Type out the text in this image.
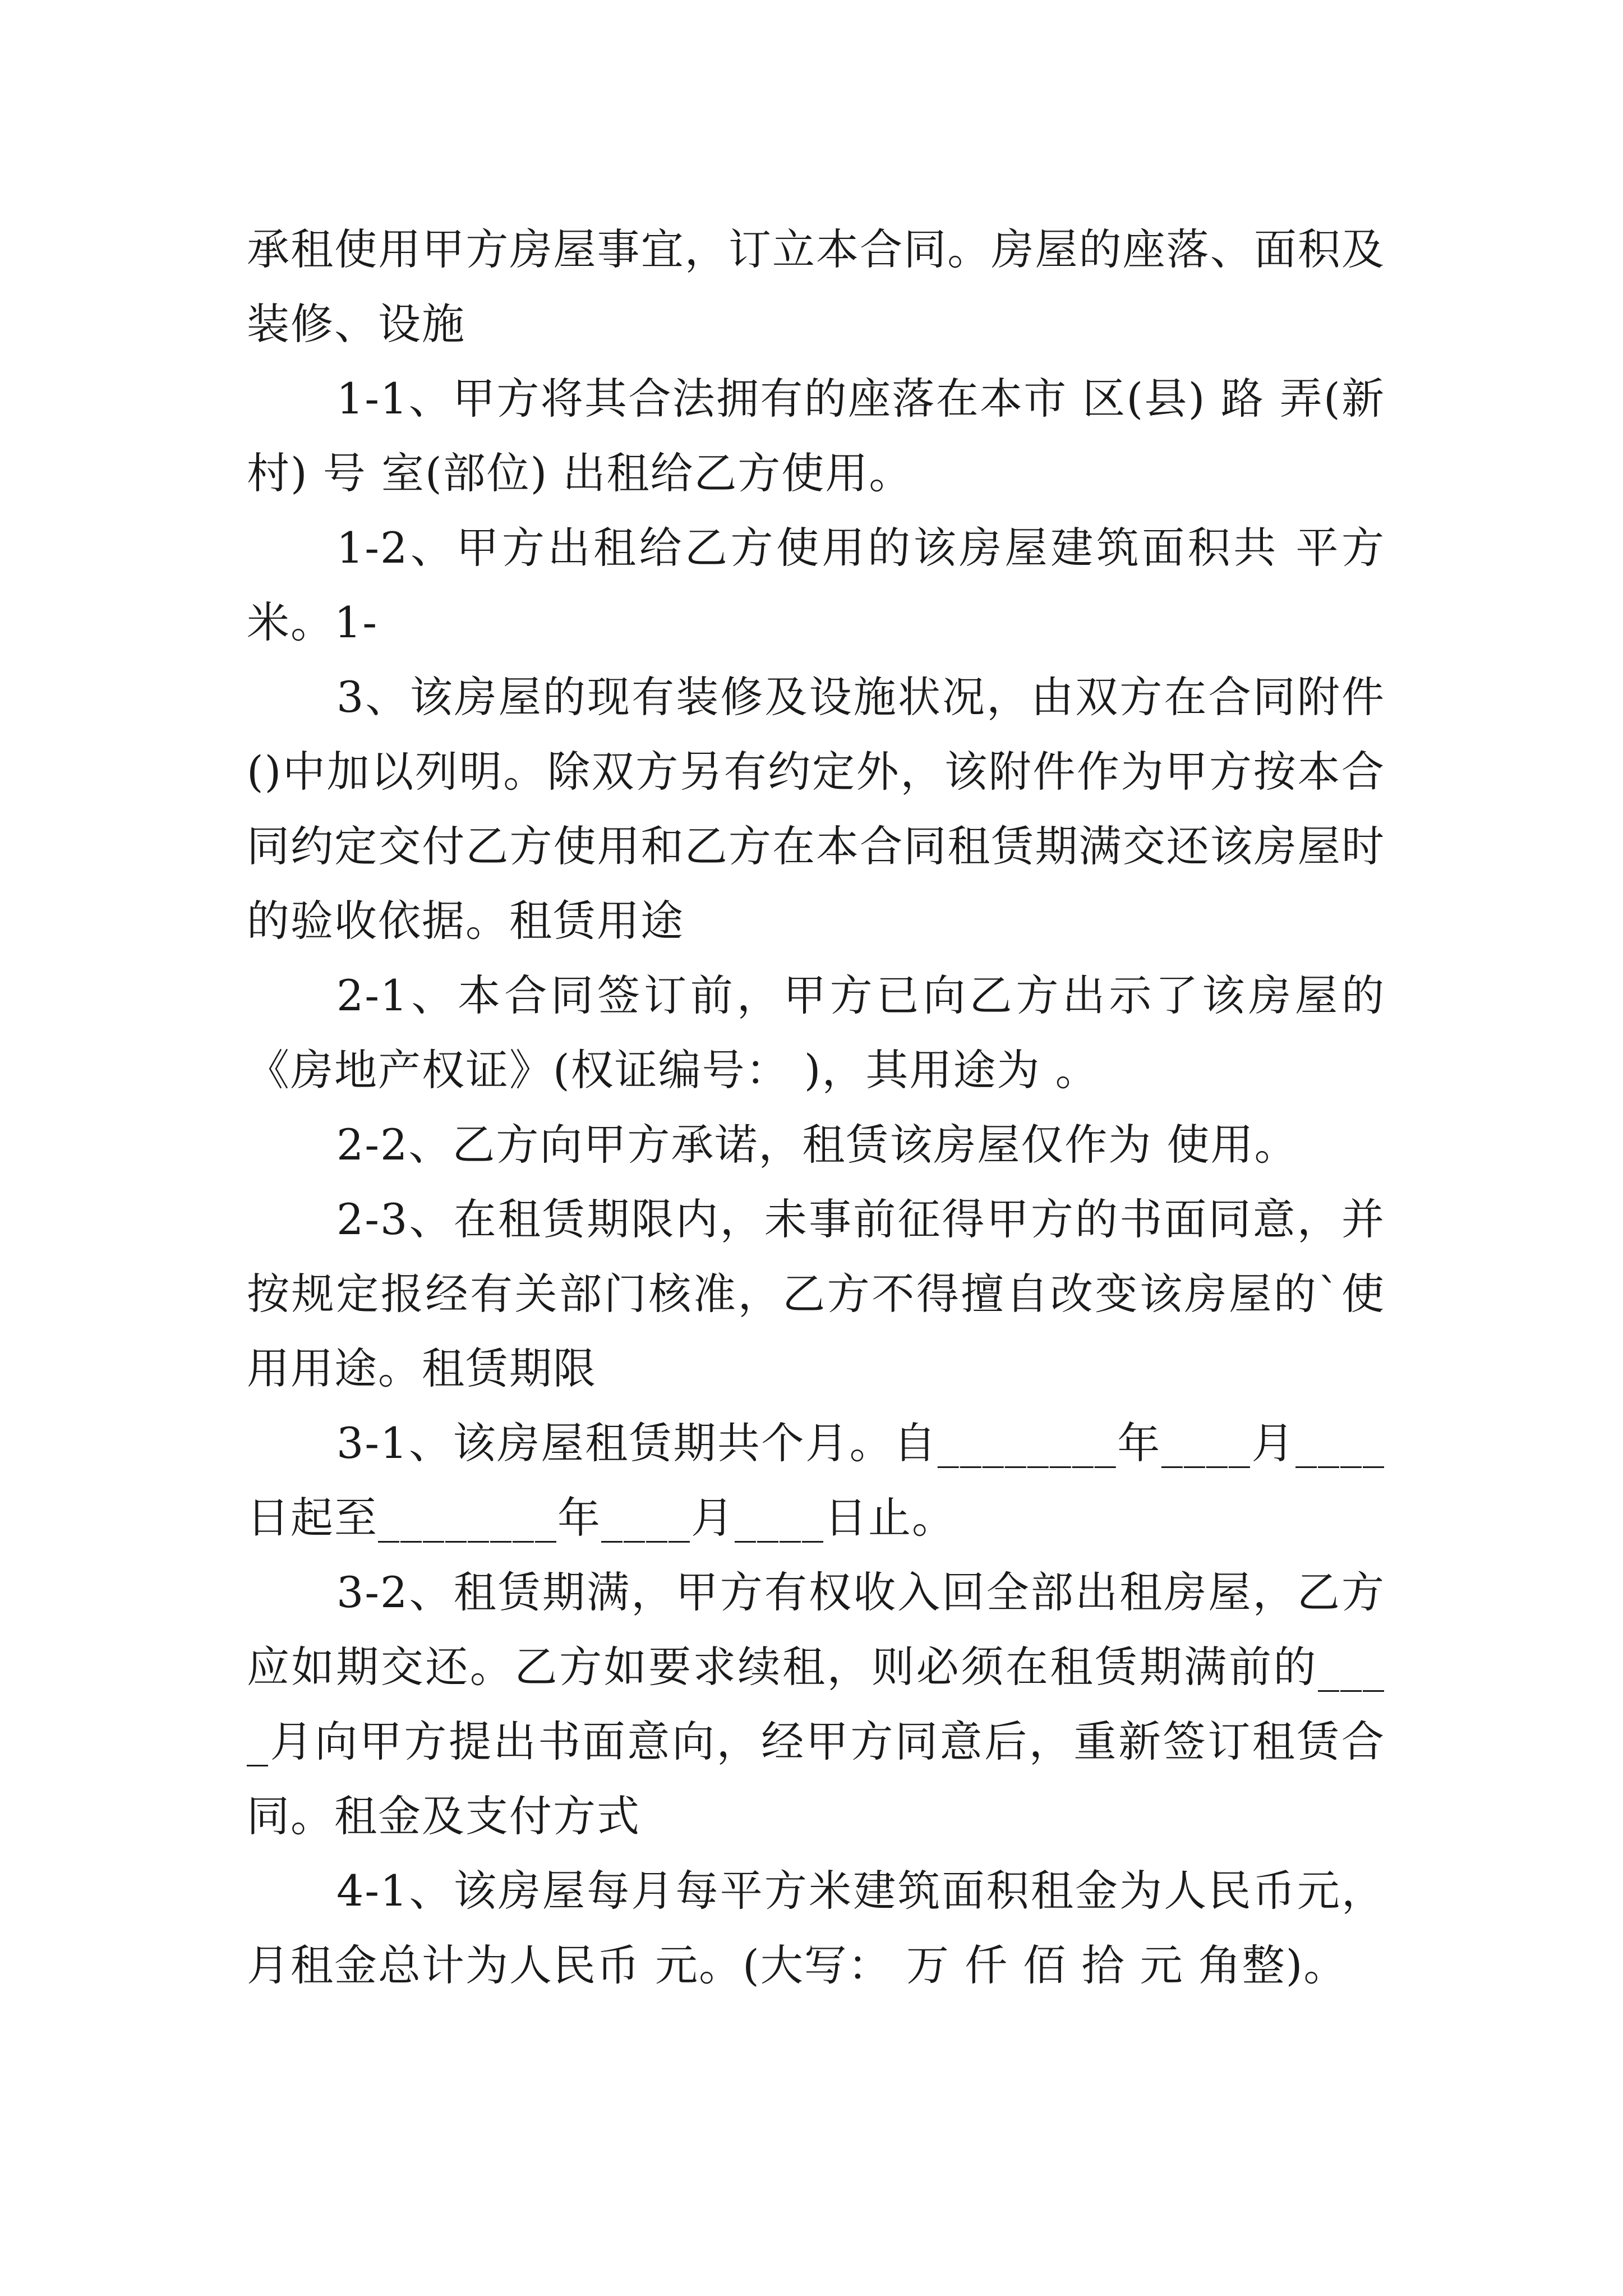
承租使用甲方房屋事宜，订立本合同。房屋的座落、面积及装修、设施

1-1、甲方将其合法拥有的座落在本市 区(县) 路 弄(新村) 号 室(部位) 出租给乙方使用。

1-2、甲方出租给乙方使用的该房屋建筑面积共 平方米。1-

3、该房屋的现有装修及设施状况，由双方在合同附件()中加以列明。除双方另有约定外，该附件作为甲方按本合同约定交付乙方使用和乙方在本合同租赁期满交还该房屋时的验收依据。租赁用途

2-1、本合同签订前，甲方已向乙方出示了该房屋的《房地产权证》(权证编号： )，其用途为 。

2-2、乙方向甲方承诺，租赁该房屋仅作为 使用。

2-3、在租赁期限内，未事前征得甲方的书面同意，并按规定报经有关部门核准，乙方不得擅自改变该房屋的`使用用途。租赁期限

3-1、该房屋租赁期共个月。自________年____月____日起至________年____月____日止。

3-2、租赁期满，甲方有权收入回全部出租房屋，乙方应如期交还。乙方如要求续租，则必须在租赁期满前的____月向甲方提出书面意向，经甲方同意后，重新签订租赁合同。租金及支付方式

4-1、该房屋每月每平方米建筑面积租金为人民币元，月租金总计为人民币 元。(大写： 万 仟 佰 拾 元 角整)。
